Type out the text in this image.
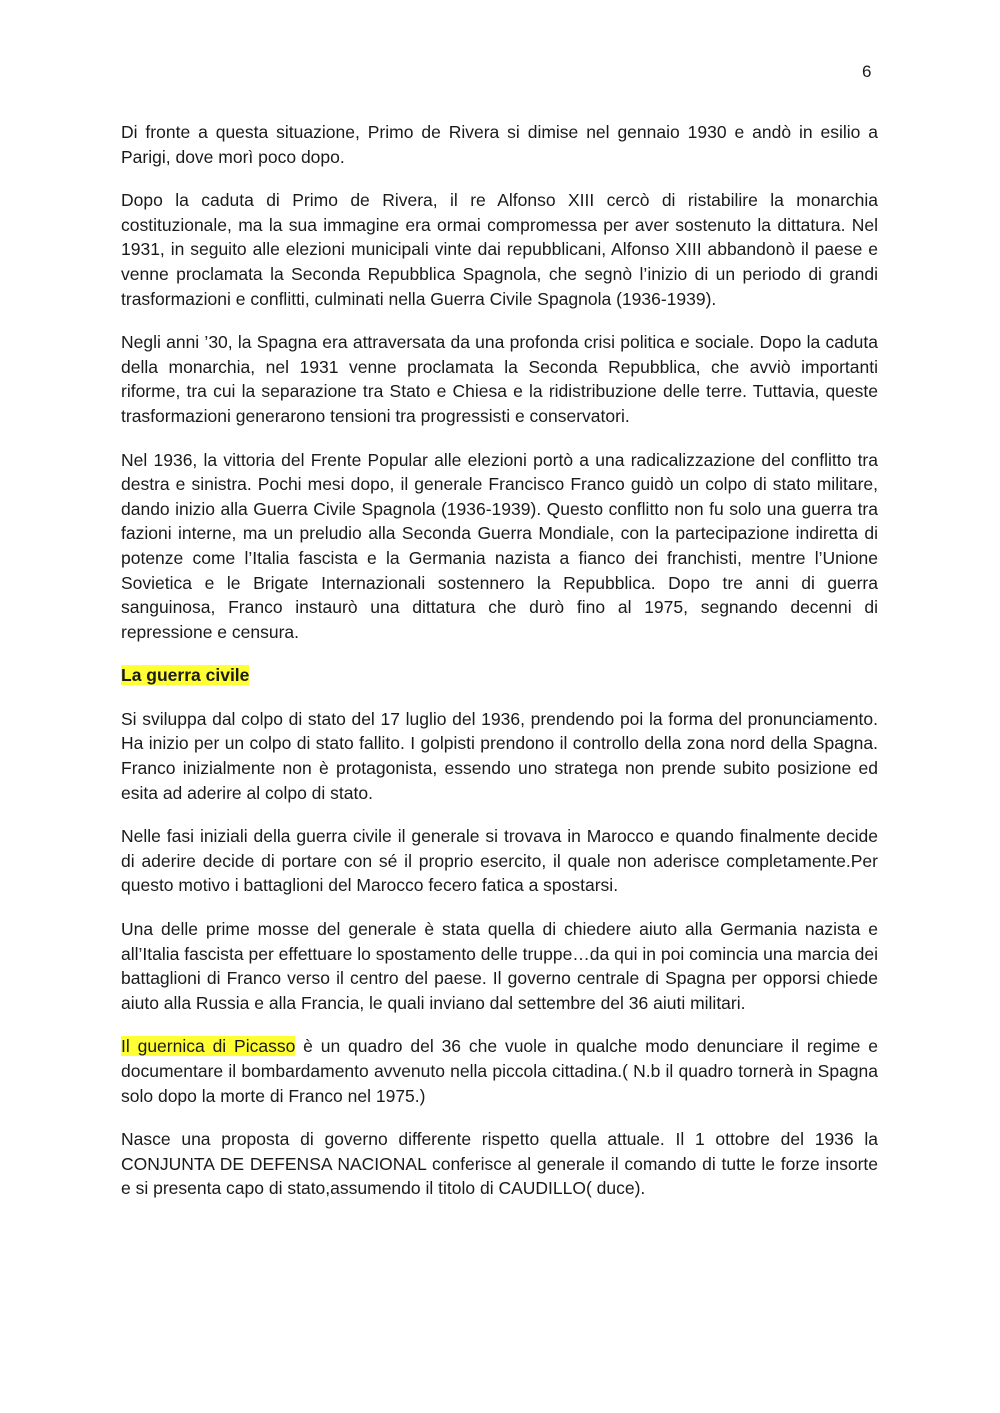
6

Di fronte a questa situazione, Primo de Rivera si dimise nel gennaio 1930 e andò in esilio a Parigi, dove morì poco dopo.

Dopo la caduta di Primo de Rivera, il re Alfonso XIII cercò di ristabilire la monarchia costituzionale, ma la sua immagine era ormai compromessa per aver sostenuto la dittatura. Nel 1931, in seguito alle elezioni municipali vinte dai repubblicani, Alfonso XIII abbandonò il paese e venne proclamata la Seconda Repubblica Spagnola, che segnò l’inizio di un periodo di grandi trasformazioni e conflitti, culminati nella Guerra Civile Spagnola (1936-1939).

Negli anni ’30, la Spagna era attraversata da una profonda crisi politica e sociale. Dopo la caduta della monarchia, nel 1931 venne proclamata la Seconda Repubblica, che avviò importanti riforme, tra cui la separazione tra Stato e Chiesa e la ridistribuzione delle terre. Tuttavia, queste trasformazioni generarono tensioni tra progressisti e conservatori.

Nel 1936, la vittoria del Frente Popular alle elezioni portò a una radicalizzazione del conflitto tra destra e sinistra. Pochi mesi dopo, il generale Francisco Franco guidò un colpo di stato militare, dando inizio alla Guerra Civile Spagnola (1936-1939). Questo conflitto non fu solo una guerra tra fazioni interne, ma un preludio alla Seconda Guerra Mondiale, con la partecipazione indiretta di potenze come l’Italia fascista e la Germania nazista a fianco dei franchisti, mentre l’Unione Sovietica e le Brigate Internazionali sostennero la Repubblica. Dopo tre anni di guerra sanguinosa, Franco instaurò una dittatura che durò fino al 1975, segnando decenni di repressione e censura.

La guerra civile

Si sviluppa dal colpo di stato del 17 luglio del 1936, prendendo poi la forma del pronunciamento. Ha inizio per un colpo di stato fallito. I golpisti prendono il controllo della zona nord della Spagna. Franco inizialmente non è protagonista, essendo uno stratega non prende subito posizione ed esita ad aderire al colpo di stato.

Nelle fasi iniziali della guerra civile il generale si trovava in Marocco e quando finalmente decide di aderire decide di portare con sé il proprio esercito, il quale non aderisce completamente.Per questo motivo i battaglioni del Marocco fecero fatica a spostarsi.

Una delle prime mosse del generale è stata quella di chiedere aiuto alla Germania nazista e all’Italia fascista per effettuare lo spostamento delle truppe…da qui in poi comincia una marcia dei battaglioni di Franco verso il centro del paese. Il governo centrale di Spagna per opporsi chiede aiuto alla Russia e alla Francia, le quali inviano dal settembre del 36 aiuti militari.

Il guernica di Picasso è un quadro del 36 che vuole in qualche modo denunciare il regime e documentare il bombardamento avvenuto nella piccola cittadina.( N.b il quadro tornerà in Spagna solo dopo la morte di Franco nel 1975.)

Nasce una proposta di governo differente rispetto quella attuale. Il 1 ottobre del 1936 la CONJUNTA DE DEFENSA NACIONAL conferisce al generale il comando di tutte le forze insorte e si presenta capo di stato,assumendo il titolo di CAUDILLO( duce).
